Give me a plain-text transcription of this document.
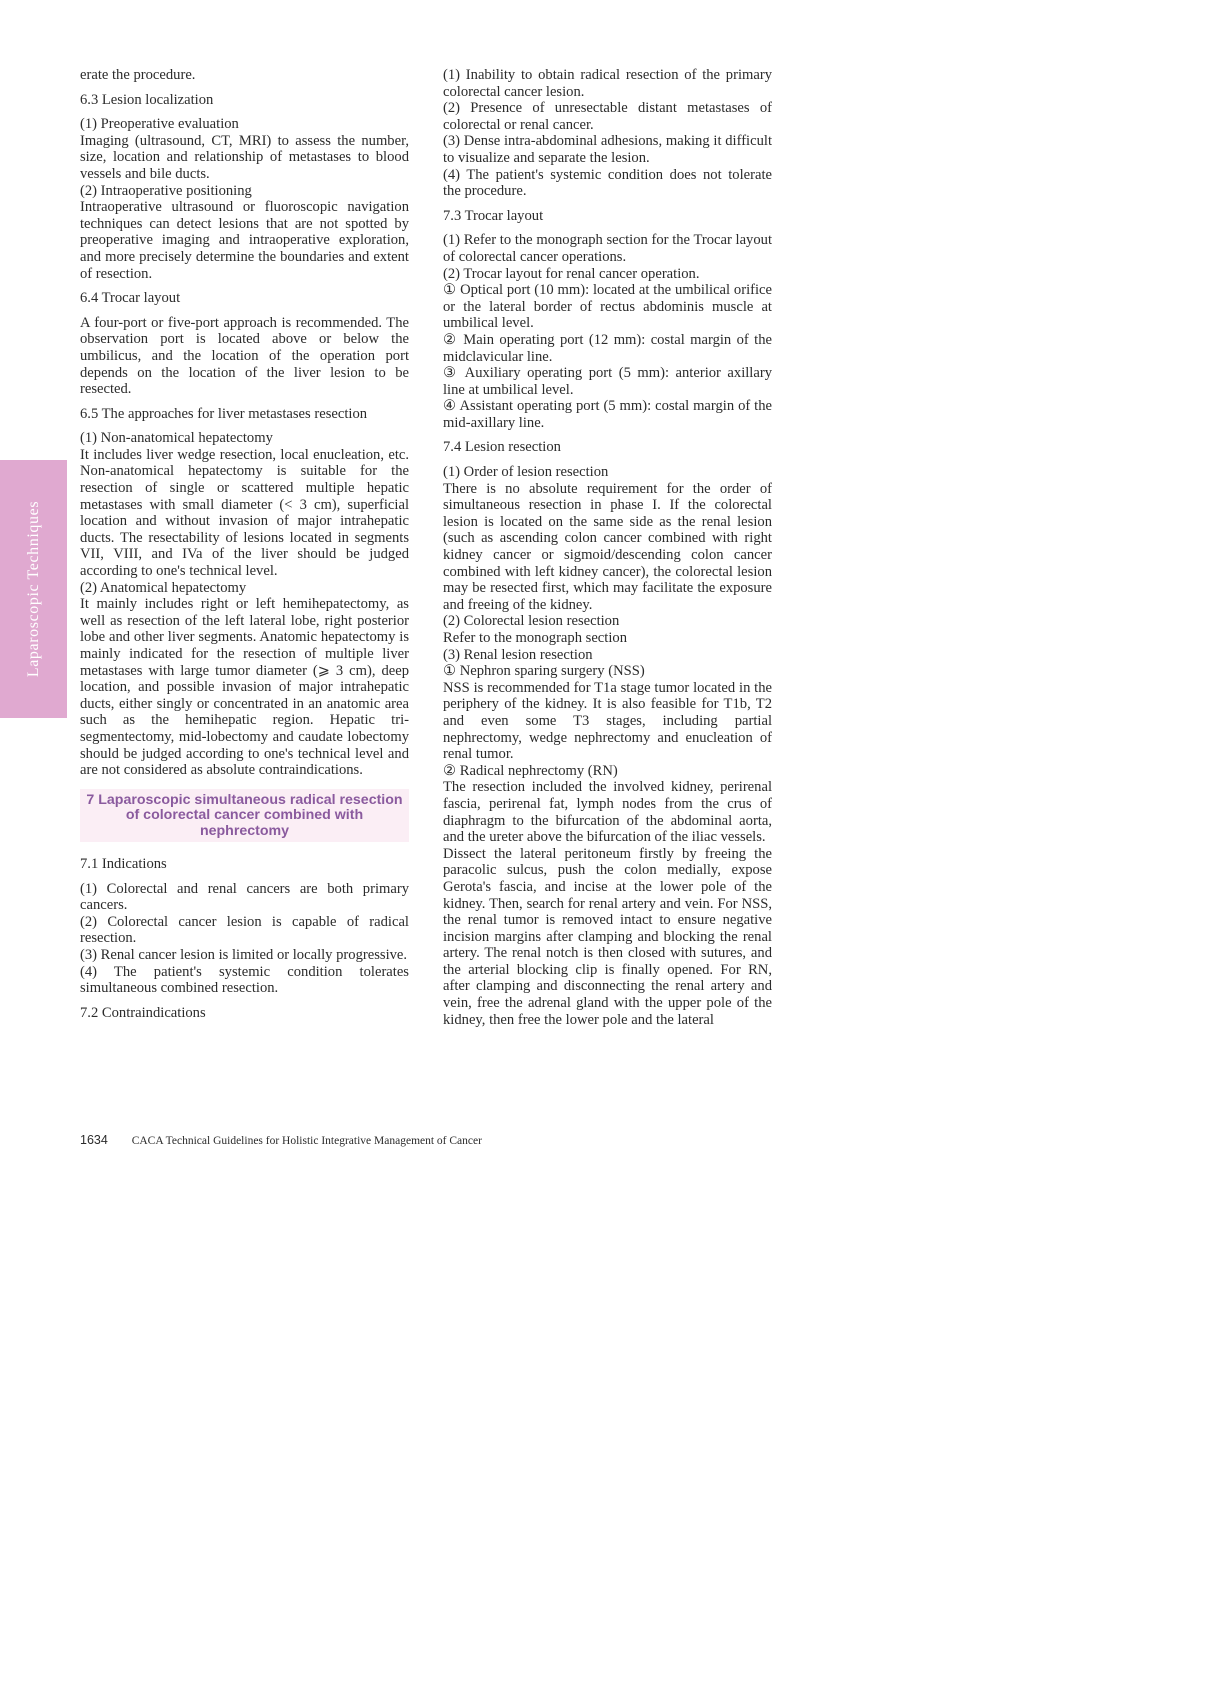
Laparoscopic Techniques

erate the procedure.

6.3 Lesion localization

(1) Preoperative evaluation

Imaging (ultrasound, CT, MRI) to assess the number, size, location and relationship of metastases to blood vessels and bile ducts.

(2) Intraoperative positioning

Intraoperative ultrasound or fluoroscopic navigation techniques can detect lesions that are not spotted by preoperative imaging and intraoperative exploration, and more precisely determine the boundaries and extent of resection.

6.4 Trocar layout

A four-port or five-port approach is recommended. The observation port is located above or below the umbilicus, and the location of the operation port depends on the location of the liver lesion to be resected.

6.5 The approaches for liver metastases resection

(1) Non-anatomical hepatectomy

It includes liver wedge resection, local enucleation, etc. Non-anatomical hepatectomy is suitable for the resection of single or scattered multiple hepatic metastases with small diameter (< 3 cm), superficial location and without invasion of major intrahepatic ducts. The resectability of lesions located in segments VII, VIII, and IVa of the liver should be judged according to one's technical level.

(2) Anatomical hepatectomy

It mainly includes right or left hemihepatectomy, as well as resection of the left lateral lobe, right posterior lobe and other liver segments. Anatomic hepatectomy is mainly indicated for the resection of multiple liver metastases with large tumor diameter (⩾ 3 cm), deep location, and possible invasion of major intrahepatic ducts, either singly or concentrated in an anatomic area such as the hemihepatic region. Hepatic tri-segmentectomy, mid-lobectomy and caudate lobectomy should be judged according to one's technical level and are not considered as absolute contraindications.

7 Laparoscopic simultaneous radical resection of colorectal cancer combined with nephrectomy
7.1 Indications

(1) Colorectal and renal cancers are both primary cancers.

(2) Colorectal cancer lesion is capable of radical resection.

(3) Renal cancer lesion is limited or locally progressive.

(4) The patient's systemic condition tolerates simultaneous combined resection.

7.2 Contraindications

(1) Inability to obtain radical resection of the primary colorectal cancer lesion.

(2) Presence of unresectable distant metastases of colorectal or renal cancer.

(3) Dense intra-abdominal adhesions, making it difficult to visualize and separate the lesion.

(4) The patient's systemic condition does not tolerate the procedure.

7.3 Trocar layout

(1) Refer to the monograph section for the Trocar layout of colorectal cancer operations.

(2) Trocar layout for renal cancer operation.

① Optical port (10 mm): located at the umbilical orifice or the lateral border of rectus abdominis muscle at umbilical level.

② Main operating port (12 mm): costal margin of the midclavicular line.

③ Auxiliary operating port (5 mm): anterior axillary line at umbilical level.

④ Assistant operating port (5 mm): costal margin of the mid-axillary line.

7.4 Lesion resection

(1) Order of lesion resection

There is no absolute requirement for the order of simultaneous resection in phase I. If the colorectal lesion is located on the same side as the renal lesion (such as ascending colon cancer combined with right kidney cancer or sigmoid/descending colon cancer combined with left kidney cancer), the colorectal lesion may be resected first, which may facilitate the exposure and freeing of the kidney.

(2) Colorectal lesion resection

Refer to the monograph section

(3) Renal lesion resection

① Nephron sparing surgery (NSS)

NSS is recommended for T1a stage tumor located in the periphery of the kidney. It is also feasible for T1b, T2 and even some T3 stages, including partial nephrectomy, wedge nephrectomy and enucleation of renal tumor.

② Radical nephrectomy (RN)

The resection included the involved kidney, perirenal fascia, perirenal fat, lymph nodes from the crus of diaphragm to the bifurcation of the abdominal aorta, and the ureter above the bifurcation of the iliac vessels.

Dissect the lateral peritoneum firstly by freeing the paracolic sulcus, push the colon medially, expose Gerota's fascia, and incise at the lower pole of the kidney. Then, search for renal artery and vein. For NSS, the renal tumor is removed intact to ensure negative incision margins after clamping and blocking the renal artery. The renal notch is then closed with sutures, and the arterial blocking clip is finally opened. For RN, after clamping and disconnecting the renal artery and vein, free the adrenal gland with the upper pole of the kidney, then free the lower pole and the lateral

1634 CACA Technical Guidelines for Holistic Integrative Management of Cancer
